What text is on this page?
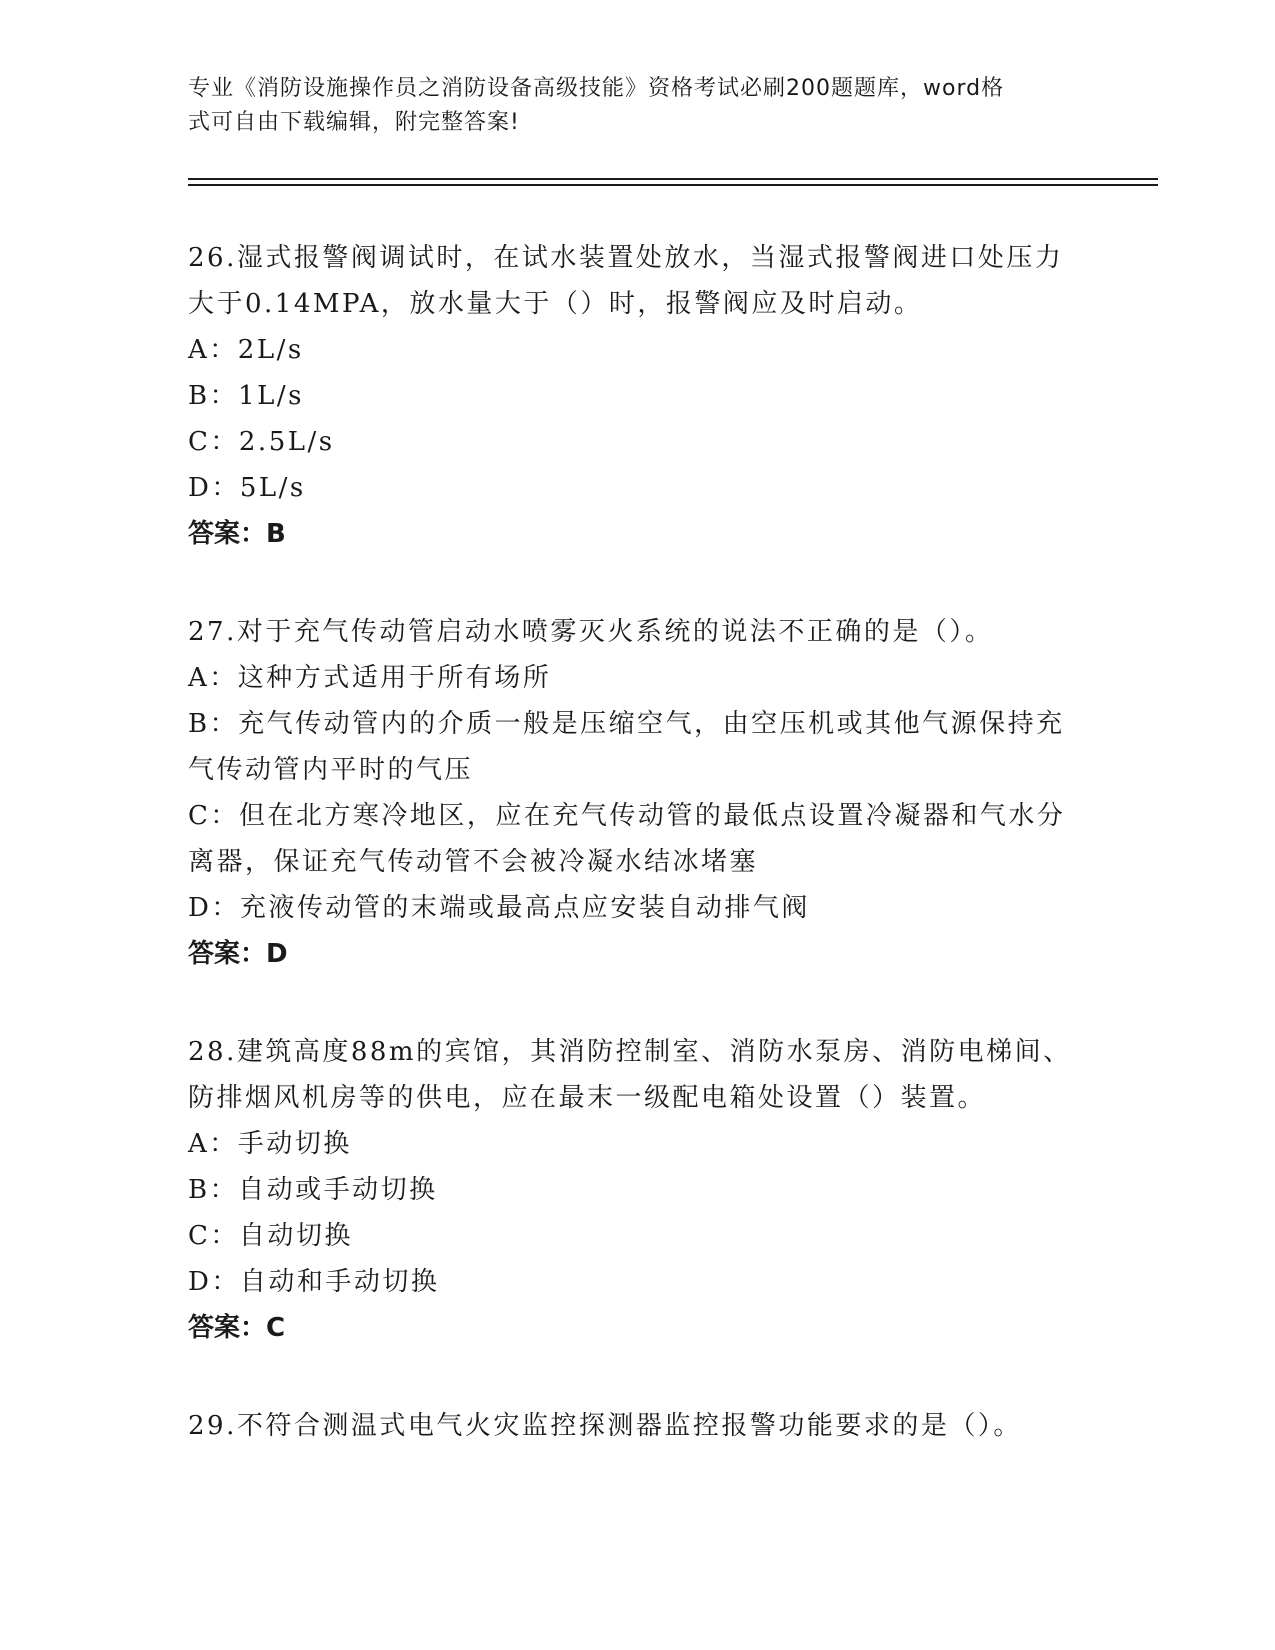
专业《消防设施操作员之消防设备高级技能》资格考试必刷200题题库，word格
式可自由下载编辑，附完整答案!
26.湿式报警阀调试时，在试水装置处放水，当湿式报警阀进口处压力
大于0.14MPA，放水量大于（）时，报警阀应及时启动。
A：2L/s
B：1L/s
C：2.5L/s
D：5L/s
答案：B
27.对于充气传动管启动水喷雾灭火系统的说法不正确的是（）。
A：这种方式适用于所有场所
B：充气传动管内的介质一般是压缩空气，由空压机或其他气源保持充
气传动管内平时的气压
C：但在北方寒冷地区，应在充气传动管的最低点设置冷凝器和气水分
离器，保证充气传动管不会被冷凝水结冰堵塞
D：充液传动管的末端或最高点应安装自动排气阀
答案：D
28.建筑高度88m的宾馆，其消防控制室、消防水泵房、消防电梯间、
防排烟风机房等的供电，应在最末一级配电箱处设置（）装置。
A：手动切换
B：自动或手动切换
C：自动切换
D：自动和手动切换
答案：C
29.不符合测温式电气火灾监控探测器监控报警功能要求的是（）。
